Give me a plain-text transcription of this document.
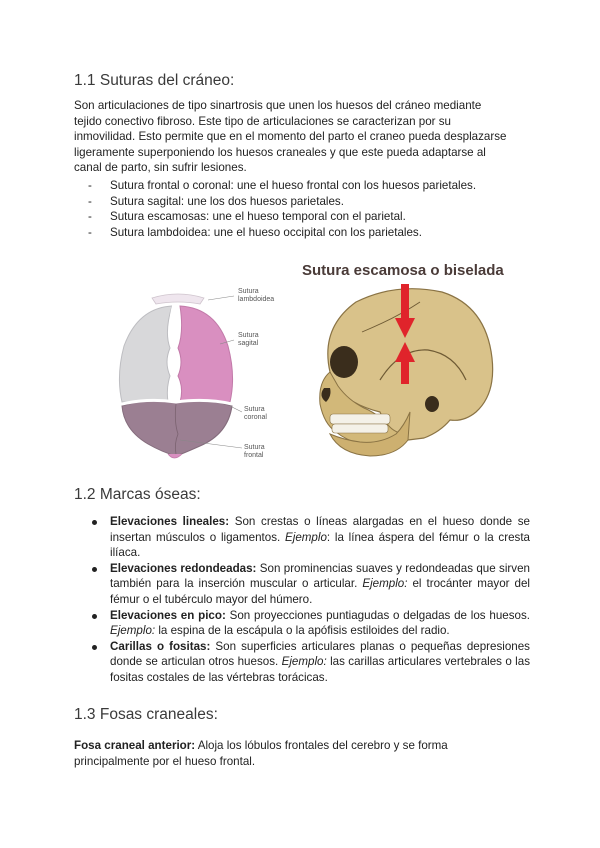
1.1 Suturas del cráneo:
Son articulaciones de tipo sinartrosis que unen los huesos del cráneo mediante
tejido conectivo fibroso. Este tipo de articulaciones se caracterizan por su
inmovilidad. Esto permite que en el momento del parto el craneo pueda desplazarse
ligeramente superponiendo los huesos craneales y que este pueda adaptarse al
canal de parto, sin sufrir lesiones.
- Sutura frontal o coronal: une el hueso frontal con los huesos parietales.
- Sutura sagital: une los dos huesos parietales.
- Sutura escamosas: une el hueso temporal con el parietal.
- Sutura lambdoidea: une el hueso occipital con los parietales.
Sutura lambdoidea
Sutura sagital
Sutura coronal
Sutura frontal
Sutura escamosa o biselada
1.2 Marcas óseas:
Elevaciones lineales: Son crestas o líneas alargadas en el hueso donde se insertan músculos o ligamentos. Ejemplo: la línea áspera del fémur o la cresta ilíaca.
Elevaciones redondeadas: Son prominencias suaves y redondeadas que sirven también para la inserción muscular o articular. Ejemplo: el trocánter mayor del fémur o el tubérculo mayor del húmero.
Elevaciones en pico: Son proyecciones puntiagudas o delgadas de los huesos. Ejemplo: la espina de la escápula o la apófisis estiloides del radio.
Carillas o fositas: Son superficies articulares planas o pequeñas depresiones donde se articulan otros huesos. Ejemplo: las carillas articulares vertebrales o las fositas costales de las vértebras torácicas.
1.3 Fosas craneales:
Fosa craneal anterior: Aloja los lóbulos frontales del cerebro y se forma principalmente por el hueso frontal.
